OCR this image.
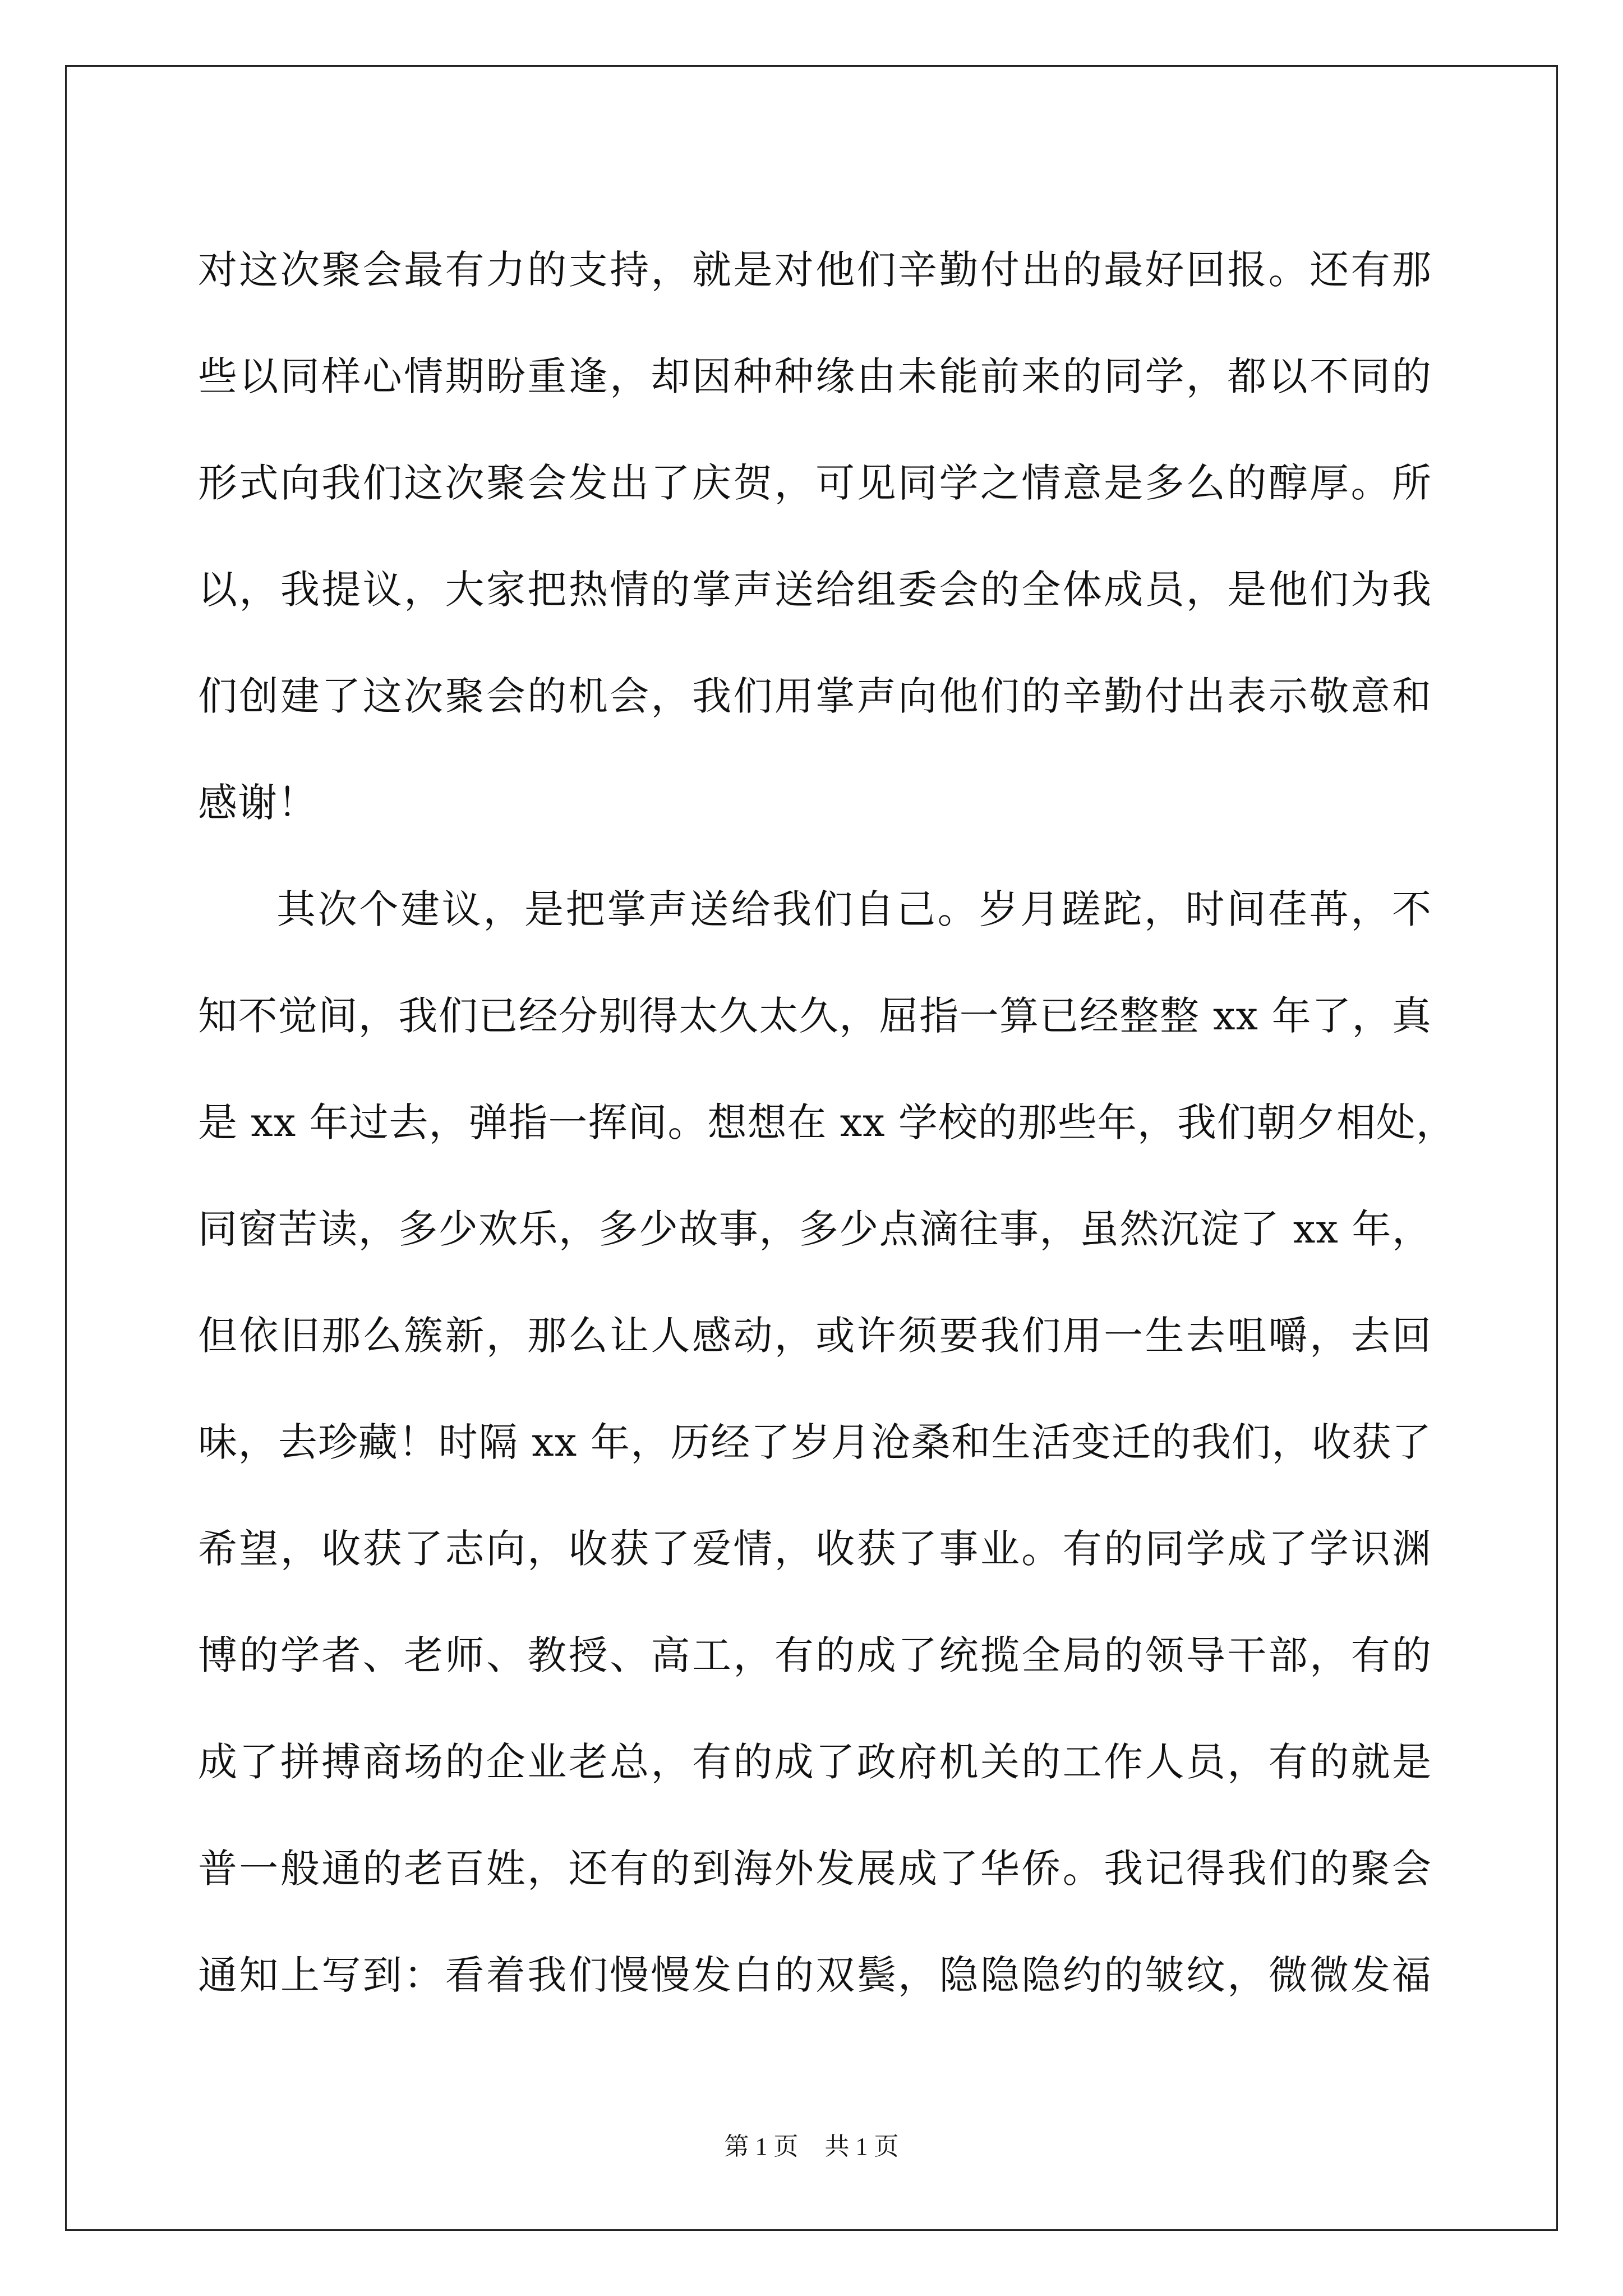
对这次聚会最有力的支持，就是对他们辛勤付出的最好回报。还有那
些以同样心情期盼重逢，却因种种缘由未能前来的同学，都以不同的
形式向我们这次聚会发出了庆贺，可见同学之情意是多么的醇厚。所
以，我提议，大家把热情的掌声送给组委会的全体成员，是他们为我
们创建了这次聚会的机会，我们用掌声向他们的辛勤付出表示敬意和
感谢！
其次个建议，是把掌声送给我们自己。岁月蹉跎，时间荏苒，不
知不觉间，我们已经分别得太久太久，屈指一算已经整整 xx 年了，真
是 xx 年过去，弹指一挥间。想想在 xx 学校的那些年，我们朝夕相处，
同窗苦读，多少欢乐，多少故事，多少点滴往事，虽然沉淀了 xx 年，
但依旧那么簇新，那么让人感动，或许须要我们用一生去咀嚼，去回
味，去珍藏！时隔 xx 年，历经了岁月沧桑和生活变迁的我们，收获了
希望，收获了志向，收获了爱情，收获了事业。有的同学成了学识渊
博的学者、老师、教授、高工，有的成了统揽全局的领导干部，有的
成了拼搏商场的企业老总，有的成了政府机关的工作人员，有的就是
普一般通的老百姓，还有的到海外发展成了华侨。我记得我们的聚会
通知上写到：看着我们慢慢发白的双鬓，隐隐隐约的皱纹，微微发福
第 1 页 共 1 页
